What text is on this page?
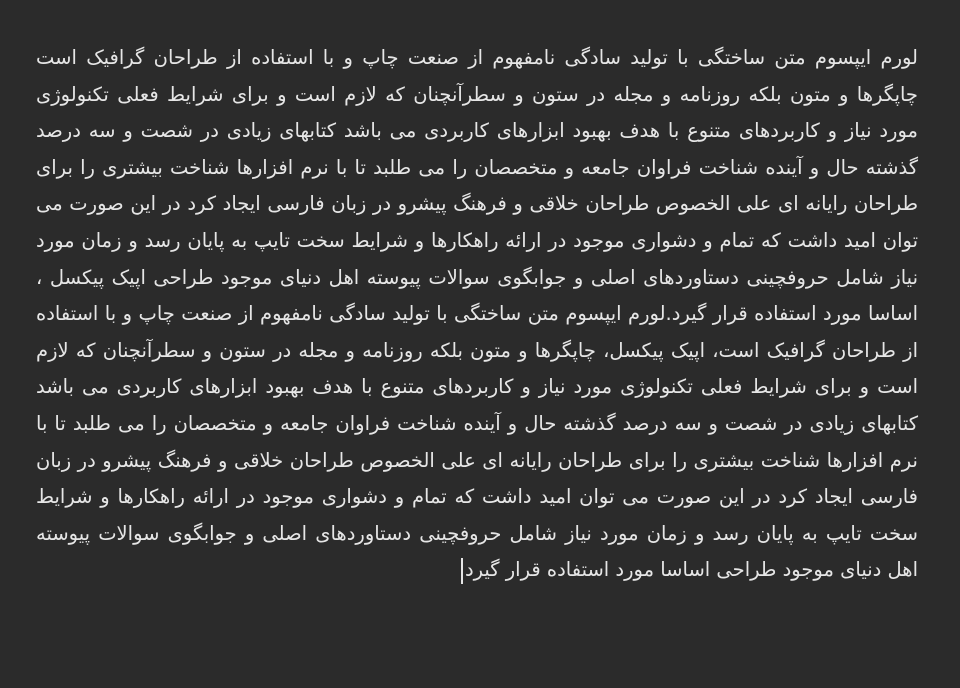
لورم ایپسوم متن ساختگی با تولید سادگی نامفهوم از صنعت چاپ و با استفاده از طراحان گرافیک است چاپگرها و متون بلکه روزنامه و مجله در ستون و سطرآنچنان که لازم است و برای شرایط فعلی تکنولوژی مورد نیاز و کاربردهای متنوع با هدف بهبود ابزارهای کاربردی می باشد کتابهای زیادی در شصت و سه درصد گذشته حال و آینده شناخت فراوان جامعه و متخصصان را می طلبد تا با نرم افزارها شناخت بیشتری را برای طراحان رایانه ای علی الخصوص طراحان خلاقی و فرهنگ پیشرو در زبان فارسی ایجاد کرد در این صورت می توان امید داشت که تمام و دشواری موجود در ارائه راهکارها و شرایط سخت تایپ به پایان رسد و زمان مورد نیاز شامل حروفچینی دستاوردهای اصلی و جوابگوی سوالات پیوسته اهل دنیای موجود طراحی اپیک پیکسل ، اساسا مورد استفاده قرار گیرد.لورم ایپسوم متن ساختگی با تولید سادگی نامفهوم از صنعت چاپ و با استفاده از طراحان گرافیک است، اپیک پیکسل، چاپگرها و متون بلکه روزنامه و مجله در ستون و سطرآنچنان که لازم است و برای شرایط فعلی تکنولوژی مورد نیاز و کاربردهای متنوع با هدف بهبود ابزارهای کاربردی می باشد کتابهای زیادی در شصت و سه درصد گذشته حال و آینده شناخت فراوان جامعه و متخصصان را می طلبد تا با نرم افزارها شناخت بیشتری را برای طراحان رایانه ای علی الخصوص طراحان خلاقی و فرهنگ پیشرو در زبان فارسی ایجاد کرد در این صورت می توان امید داشت که تمام و دشواری موجود در ارائه راهکارها و شرایط سخت تایپ به پایان رسد و زمان مورد نیاز شامل حروفچینی دستاوردهای اصلی و جوابگوی سوالات پیوسته اهل دنیای موجود طراحی اساسا مورد استفاده قرار گیرد
